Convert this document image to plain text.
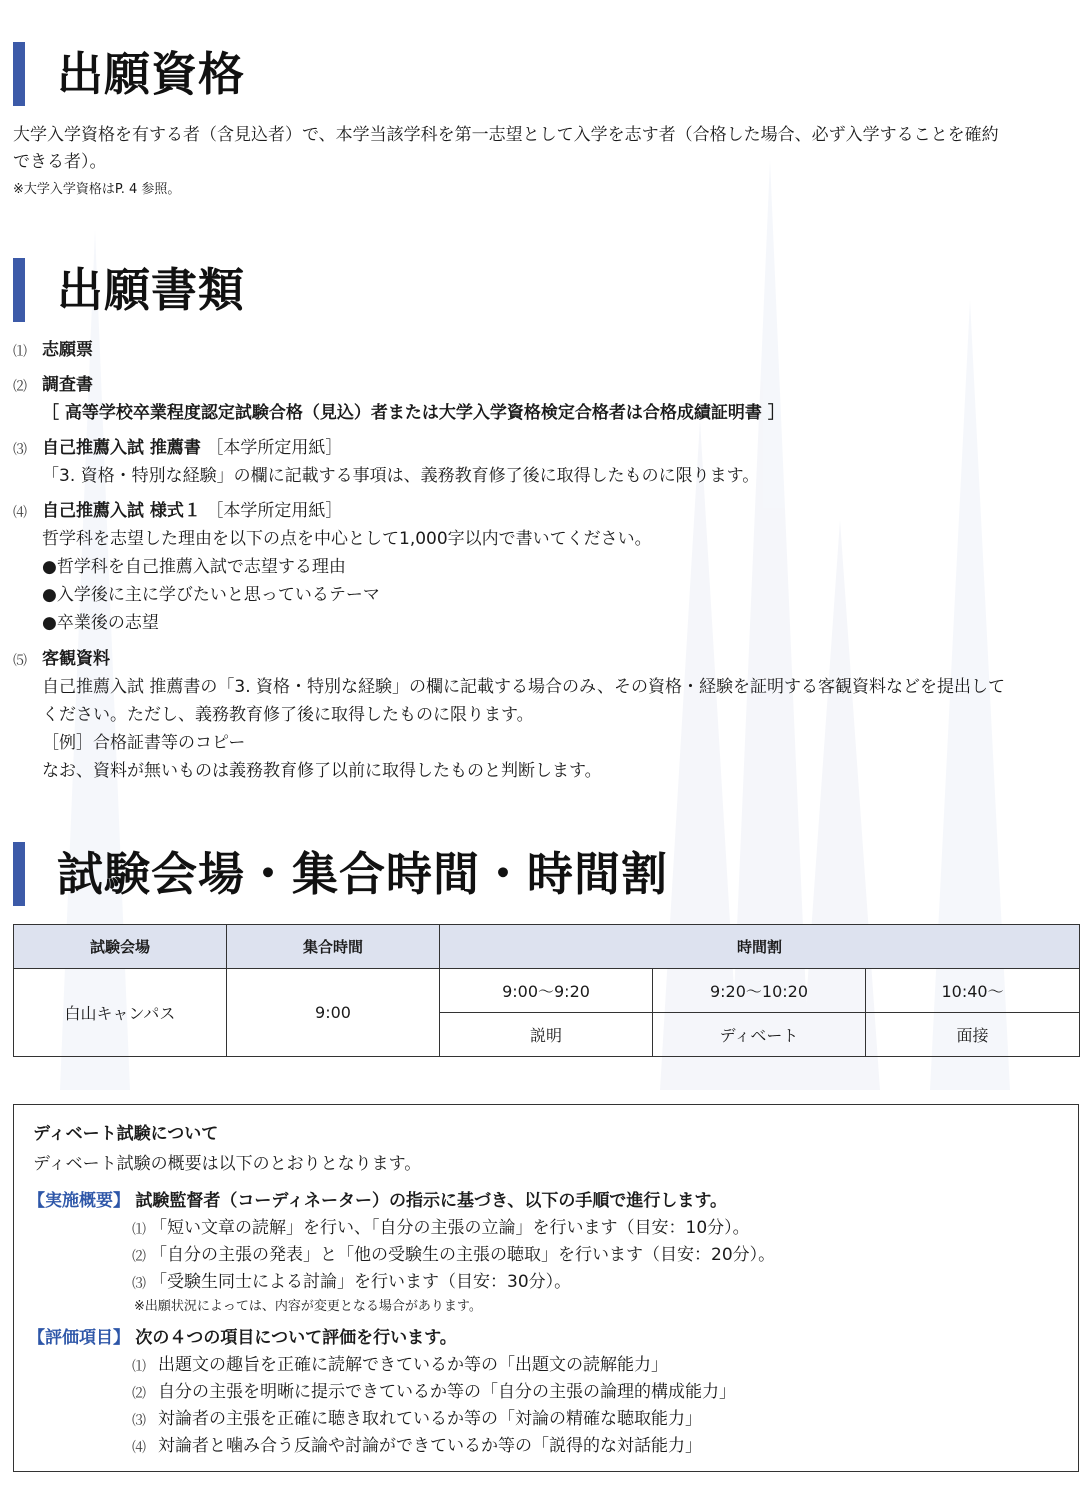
出願資格
大学入学資格を有する者（含見込者）で、本学当該学科を第一志望として入学を志す者（合格した場合、必ず入学することを確約
できる者）。
※大学入学資格はP. 4 参照。
出願書類
⑴ 志願票
⑵ 調査書
［ 高等学校卒業程度認定試験合格（見込）者または大学入学資格検定合格者は合格成績証明書 ］
⑶ 自己推薦入試 推薦書 ［本学所定用紙］
「3. 資格・特別な経験」の欄に記載する事項は、義務教育修了後に取得したものに限ります。
⑷ 自己推薦入試 様式１ ［本学所定用紙］
哲学科を志望した理由を以下の点を中心として1,000字以内で書いてください。
●哲学科を自己推薦入試で志望する理由
●入学後に主に学びたいと思っているテーマ
●卒業後の志望
⑸ 客観資料
自己推薦入試 推薦書の「3. 資格・特別な経験」の欄に記載する場合のみ、その資格・経験を証明する客観資料などを提出して
ください。ただし、義務教育修了後に取得したものに限ります。
［例］合格証書等のコピー
なお、資料が無いものは義務教育修了以前に取得したものと判断します。
試験会場・集合時間・時間割
試験会場	集合時間	時間割		
白山キャンパス	9:00	9:00〜9:20	9:20〜10:20	10:40〜
		説明	ディベート	面接
ディベート試験について
ディベート試験の概要は以下のとおりとなります。
【実施概要】 試験監督者（コーディネーター）の指示に基づき、以下の手順で進行します。
⑴ 「短い文章の読解」を行い、「自分の主張の立論」を行います（目安：10分）。
⑵ 「自分の主張の発表」と「他の受験生の主張の聴取」を行います（目安：20分）。
⑶ 「受験生同士による討論」を行います（目安：30分）。
※出願状況によっては、内容が変更となる場合があります。
【評価項目】 次の４つの項目について評価を行います。
⑴ 出題文の趣旨を正確に読解できているか等の「出題文の読解能力」
⑵ 自分の主張を明晰に提示できているか等の「自分の主張の論理的構成能力」
⑶ 対論者の主張を正確に聴き取れているか等の「対論の精確な聴取能力」
⑷ 対論者と噛み合う反論や討論ができているか等の「説得的な対話能力」
